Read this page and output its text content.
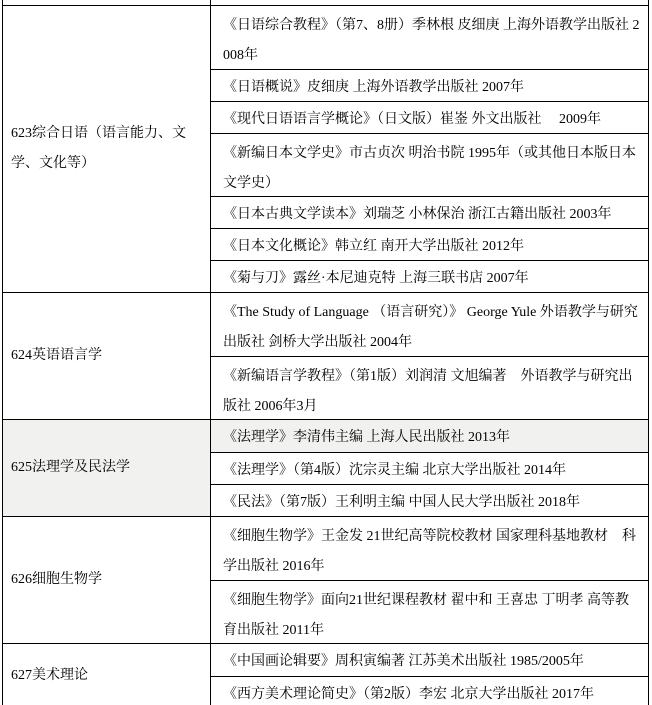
623综合日语（语言能力、文学、文化等）
《日语综合教程》（第7、8册）季林根 皮细庚 上海外语教学出版社 2008年
《日语概说》皮细庚 上海外语教学出版社 2007年
《现代日语语言学概论》（日文版）崔崟 外文出版社     2009年
《新编日本文学史》市古贞次 明治书院 1995年（或其他日本版日本文学史）
《日本古典文学读本》刘瑞芝 小林保治 浙江古籍出版社 2003年
《日本文化概论》韩立红 南开大学出版社 2012年
《菊与刀》露丝·本尼迪克特 上海三联书店 2007年
624英语语言学
《The Study of Language （语言研究）》 George Yule 外语教学与研究出版社 剑桥大学出版社 2004年
《新编语言学教程》（第1版）刘润清 文旭编著    外语教学与研究出版社 2006年3月
625法理学及民法学
《法理学》李清伟主编 上海人民出版社 2013年
《法理学》（第4版）沈宗灵主编 北京大学出版社 2014年
《民法》（第7版）王利明主编 中国人民大学出版社 2018年
626细胞生物学
《细胞生物学》王金发 21世纪高等院校教材 国家理科基地教材    科学出版社 2016年
《细胞生物学》面向21世纪课程教材 翟中和 王喜忠 丁明孝 高等教育出版社 2011年
627美术理论
《中国画论辑要》周积寅编著 江苏美术出版社 1985/2005年
《西方美术理论简史》（第2版）李宏 北京大学出版社 2017年
